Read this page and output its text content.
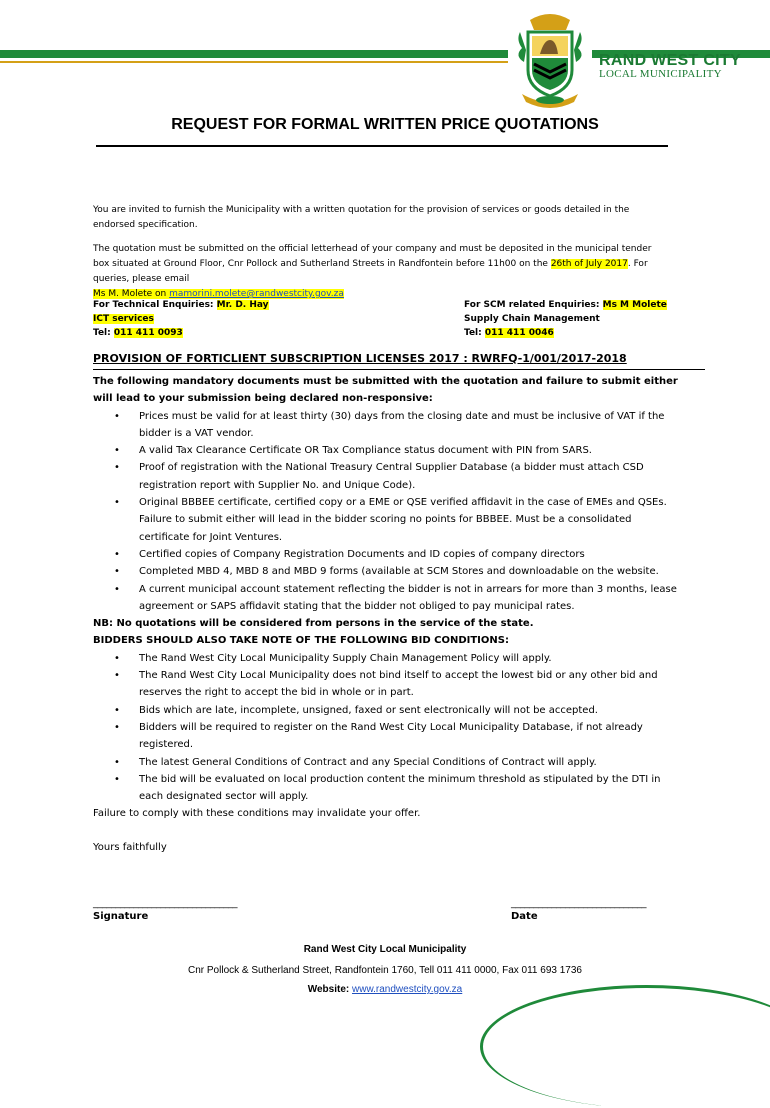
RAND WEST CITY
LOCAL MUNICIPALITY
REQUEST FOR FORMAL WRITTEN PRICE QUOTATIONS
You are invited to furnish the Municipality with a written quotation for the provision of services or goods detailed in the endorsed specification.
The quotation must be submitted on the official letterhead of your company and must be deposited in the municipal tender box situated at Ground Floor, Cnr Pollock and Sutherland Streets in Randfontein before 11h00 on the 26th of July 2017. For queries, please email
Ms M. Molete on mamorini.molete@randwestcity.gov.za
For Technical Enquiries: Mr. D. Hay
ICT services
Tel: 011 411 0093
For SCM related Enquiries: Ms M Molete
Supply Chain Management
Tel: 011 411 0046
PROVISION OF FORTICLIENT SUBSCRIPTION LICENSES 2017 : RWRFQ-1/001/2017-2018
The following mandatory documents must be submitted with the quotation and failure to submit either will lead to your submission being declared non-responsive:
• Prices must be valid for at least thirty (30) days from the closing date and must be inclusive of VAT if the bidder is a VAT vendor.
• A valid Tax Clearance Certificate OR Tax Compliance status document with PIN from SARS.
• Proof of registration with the National Treasury Central Supplier Database (a bidder must attach CSD registration report with Supplier No. and Unique Code).
• Original BBBEE certificate, certified copy or a EME or QSE verified affidavit in the case of EMEs and QSEs. Failure to submit either will lead in the bidder scoring no points for BBBEE. Must be a consolidated certificate for Joint Ventures.
• Certified copies of Company Registration Documents and ID copies of company directors
• Completed MBD 4, MBD 8 and MBD 9 forms (available at SCM Stores and downloadable on the website.
• A current municipal account statement reflecting the bidder is not in arrears for more than 3 months, lease agreement or SAPS affidavit stating that the bidder not obliged to pay municipal rates.
NB: No quotations will be considered from persons in the service of the state.
BIDDERS SHOULD ALSO TAKE NOTE OF THE FOLLOWING BID CONDITIONS:
• The Rand West City Local Municipality Supply Chain Management Policy will apply.
• The Rand West City Local Municipality does not bind itself to accept the lowest bid or any other bid and reserves the right to accept the bid in whole or in part.
• Bids which are late, incomplete, unsigned, faxed or sent electronically will not be accepted.
• Bidders will be required to register on the Rand West City Local Municipality Database, if not already registered.
• The latest General Conditions of Contract and any Special Conditions of Contract will apply.
• The bid will be evaluated on local production content the minimum threshold as stipulated by the DTI in each designated sector will apply.
Failure to comply with these conditions may invalidate your offer.
Yours faithfully
________________________________
Signature
______________________________
Date
Rand West City Local Municipality
Cnr Pollock & Sutherland Street, Randfontein 1760, Tell 011 411 0000, Fax 011 693 1736
Website: www.randwestcity.gov.za
